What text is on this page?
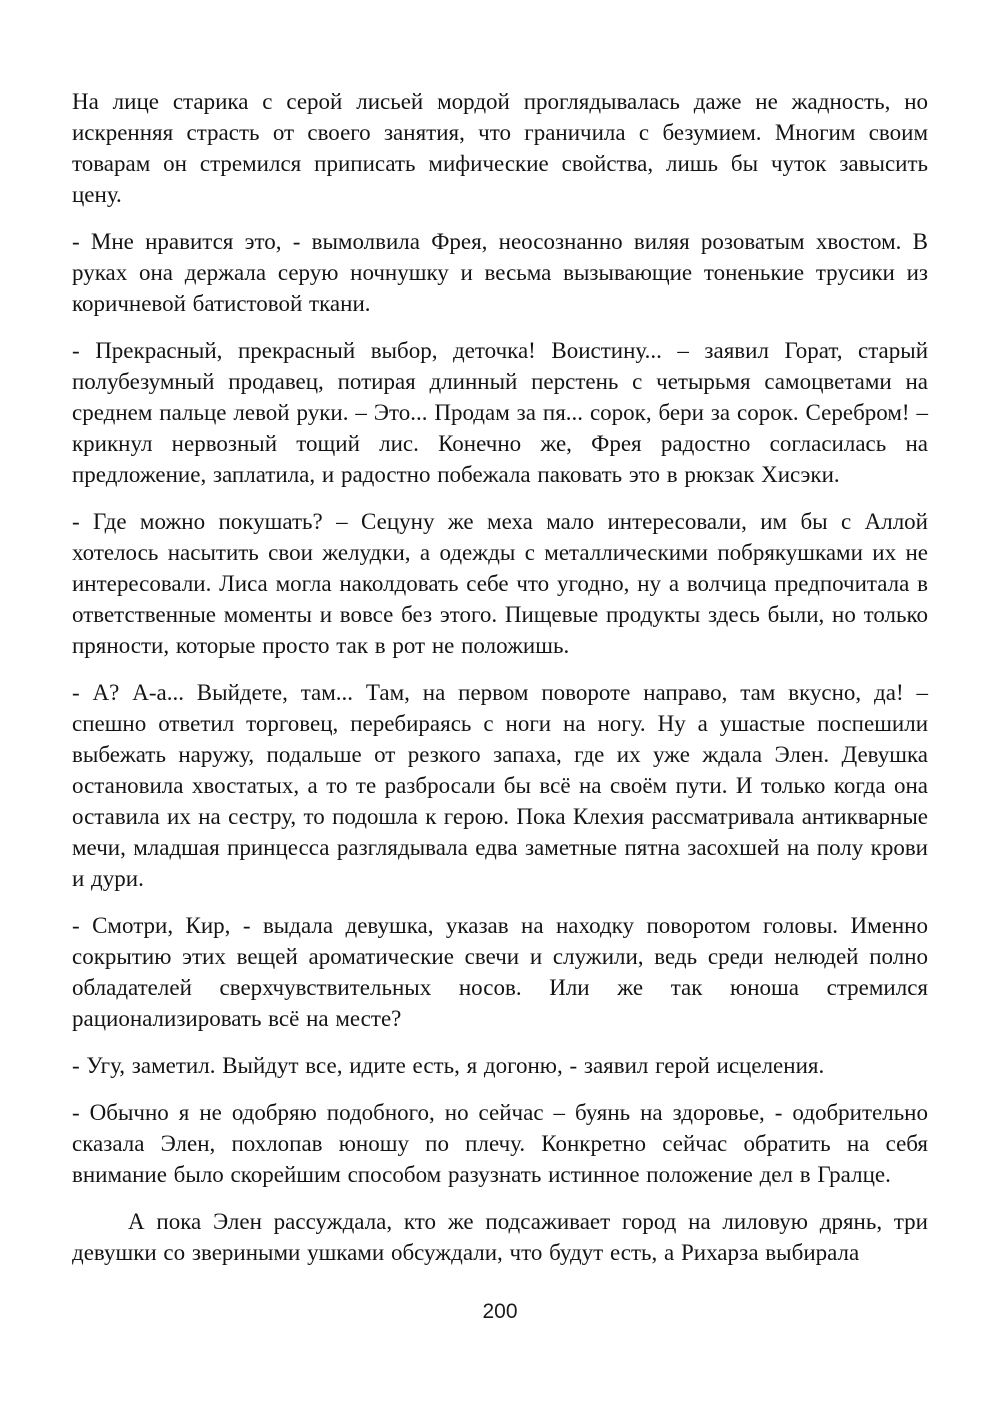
На лице старика с серой лисьей мордой проглядывалась даже не жадность, но искренняя страсть от своего занятия, что граничила с безумием. Многим своим товарам он стремился приписать мифические свойства, лишь бы чуток завысить цену.

- Мне нравится это, - вымолвила Фрея, неосознанно виляя розоватым хвостом. В руках она держала серую ночнушку и весьма вызывающие тоненькие трусики из коричневой батистовой ткани.

- Прекрасный, прекрасный выбор, деточка! Воистину... – заявил Горат, старый полубезумный продавец, потирая длинный перстень с четырьмя самоцветами на среднем пальце левой руки. – Это... Продам за пя... сорок, бери за сорок. Серебром! – крикнул нервозный тощий лис. Конечно же, Фрея радостно согласилась на предложение, заплатила, и радостно побежала паковать это в рюкзак Хисэки.

- Где можно покушать? – Сецуну же меха мало интересовали, им бы с Аллой хотелось насытить свои желудки, а одежды с металлическими побрякушками их не интересовали. Лиса могла наколдовать себе что угодно, ну а волчица предпочитала в ответственные моменты и вовсе без этого. Пищевые продукты здесь были, но только пряности, которые просто так в рот не положишь.

- А? А-а... Выйдете, там... Там, на первом повороте направо, там вкусно, да! – спешно ответил торговец, перебираясь с ноги на ногу. Ну а ушастые поспешили выбежать наружу, подальше от резкого запаха, где их уже ждала Элен. Девушка остановила хвостатых, а то те разбросали бы всё на своём пути. И только когда она оставила их на сестру, то подошла к герою. Пока Клехия рассматривала антикварные мечи, младшая принцесса разглядывала едва заметные пятна засохшей на полу крови и дури.

- Смотри, Кир, - выдала девушка, указав на находку поворотом головы. Именно сокрытию этих вещей ароматические свечи и служили, ведь среди нелюдей полно обладателей сверхчувствительных носов. Или же так юноша стремился рационализировать всё на месте?

- Угу, заметил. Выйдут все, идите есть, я догоню, - заявил герой исцеления.

- Обычно я не одобряю подобного, но сейчас – буянь на здоровье, - одобрительно сказала Элен, похлопав юношу по плечу. Конкретно сейчас обратить на себя внимание было скорейшим способом разузнать истинное положение дел в Гралце.

А пока Элен рассуждала, кто же подсаживает город на лиловую дрянь, три девушки со звериными ушками обсуждали, что будут есть, а Рихарза выбирала

200
